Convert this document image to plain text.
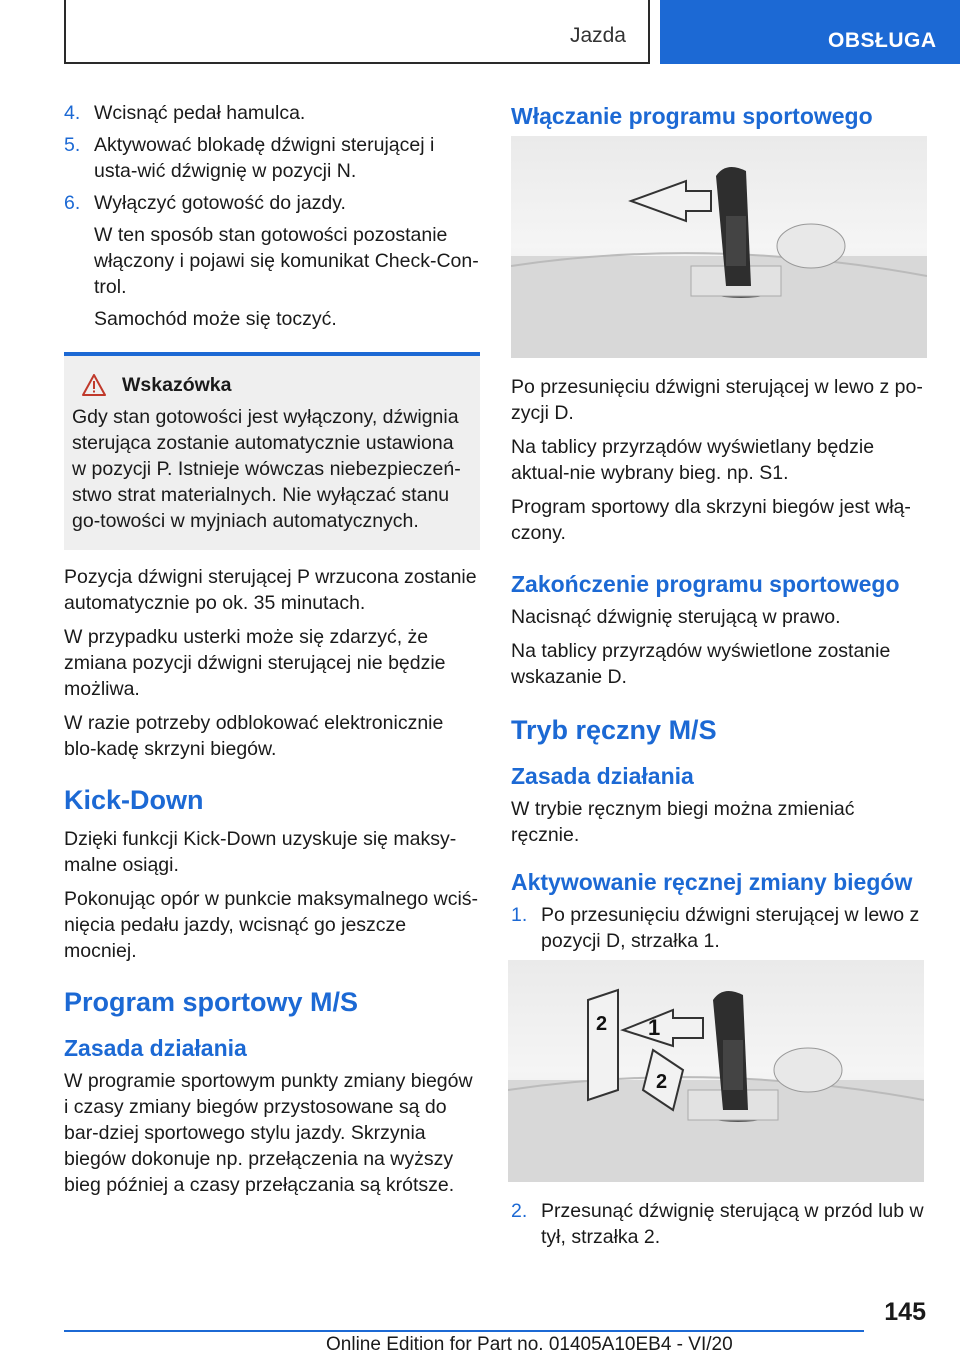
Jazda	OBSŁUGA
4. Wcisnąć pedał hamulca.
5. Aktywować blokadę dźwigni sterującej i usta-wić dźwignię w pozycji N.
6. Wyłączyć gotowość do jazdy.
W ten sposób stan gotowości pozostanie włączony i pojawi się komunikat Check-Con-trol.
Samochód może się toczyć.
Wskazówka
Gdy stan gotowości jest wyłączony, dźwignia sterująca zostanie automatycznie ustawiona w pozycji P. Istnieje wówczas niebezpieczeń-stwo strat materialnych. Nie wyłączać stanu go-towości w myjniach automatycznych.

Pozycja dźwigni sterującej P wrzucona zostanie automatycznie po ok. 35 minutach.

W przypadku usterki może się zdarzyć, że zmiana pozycji dźwigni sterującej nie będzie możliwa.

W razie potrzeby odblokować elektronicznie blo-kadę skrzyni biegów.

Kick-Down

Dzięki funkcji Kick-Down uzyskuje się maksy-malne osiągi.

Pokonując opór w punkcie maksymalnego wciś-nięcia pedału jazdy, wcisnąć go jeszcze mocniej.

Program sportowy M/S
Zasada działania

W programie sportowym punkty zmiany biegów i czasy zmiany biegów przystosowane są do bar-dziej sportowego stylu jazdy. Skrzynia biegów dokonuje np. przełączenia na wyższy bieg później a czasy przełączania są krótsze.

Włączanie programu sportowego

Po przesunięciu dźwigni sterującej w lewo z po-zycji D.

Na tablicy przyrządów wyświetlany będzie aktual-nie wybrany bieg. np. S1.

Program sportowy dla skrzyni biegów jest włą-czony.

Zakończenie programu sportowego

Nacisnąć dźwignię sterującą w prawo.

Na tablicy przyrządów wyświetlone zostanie wskazanie D.

Tryb ręczny M/S
Zasada działania

W trybie ręcznym biegi można zmieniać ręcznie.

Aktywowanie ręcznej zmiany biegów
1. Po przesunięciu dźwigni sterującej w lewo z pozycji D, strzałka 1.
1
2
2
2. Przesunąć dźwignię sterującą w przód lub w tył, strzałka 2.
145
Online Edition for Part no. 01405A10EB4 - VI/20
